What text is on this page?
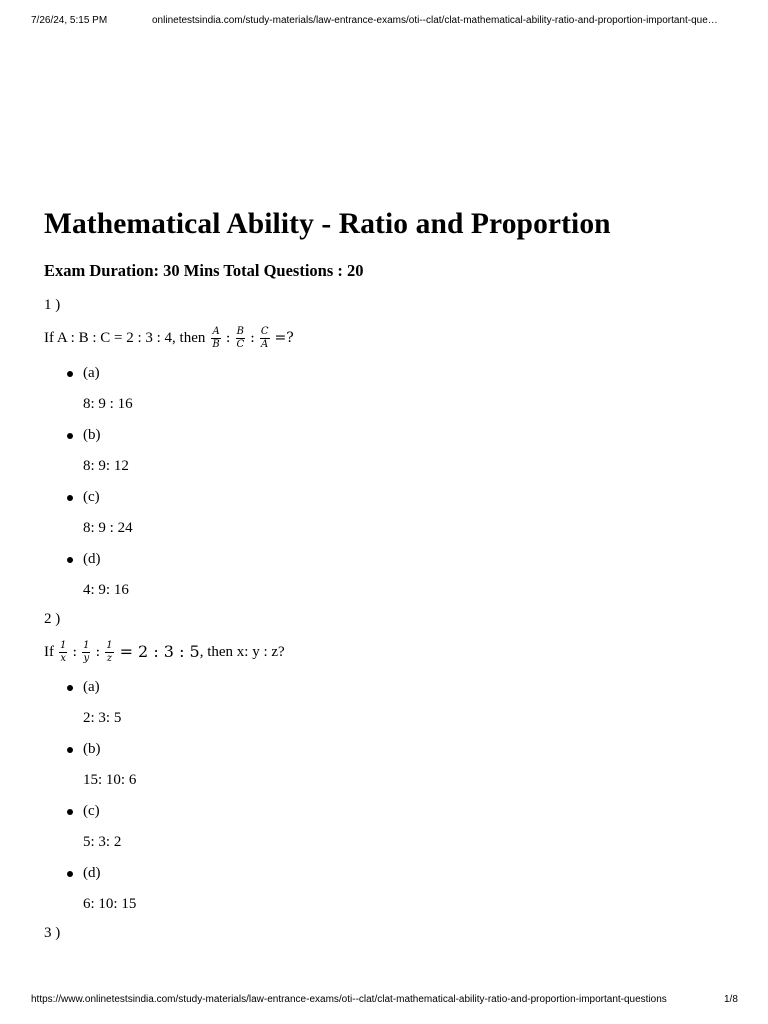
7/26/24, 5:15 PM	onlinetestsindia.com/study-materials/law-entrance-exams/oti--clat/clat-mathematical-ability-ratio-and-proportion-important-que…
Mathematical Ability - Ratio and Proportion
Exam Duration: 30 Mins Total Questions : 20
1 )
If A : B : C = 2 : 3 : 4, then $\frac{A}{B}$ : $\frac{B}{C}$ : $\frac{C}{A}$ =?
(a)
8: 9 : 16
(b)
8: 9: 12
(c)
8: 9 : 24
(d)
4: 9: 16
2 )
If $\frac{1}{x}$ : $\frac{1}{y}$ : $\frac{1}{z} = 2$ : 3 : 5 , then x: y : z?
(a)
2: 3: 5
(b)
15: 10: 6
(c)
5: 3: 2
(d)
6: 10: 15
3 )
https://www.onlinetestsindia.com/study-materials/law-entrance-exams/oti--clat/clat-mathematical-ability-ratio-and-proportion-important-questions	1/8
